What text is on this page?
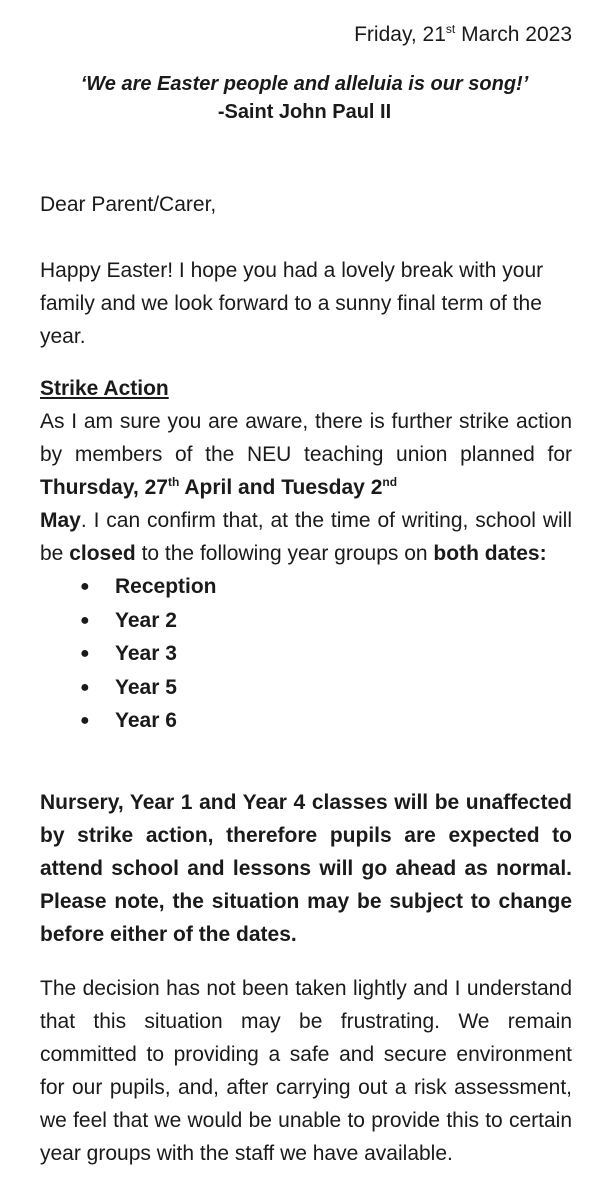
Friday, 21st March 2023

‘We are Easter people and alleluia is our song!’

-Saint John Paul II

Dear Parent/Carer,

Happy Easter! I hope you had a lovely break with your family and we look forward to a sunny final term of the year.

Strike Action

As I am sure you are aware, there is further strike action by members of the NEU teaching union planned for Thursday, 27th April and Tuesday 2nd
May. I can confirm that, at the time of writing, school will be closed to the following year groups on both dates:

● Reception
● Year 2
● Year 3
● Year 5
● Year 6

Nursery, Year 1 and Year 4 classes will be unaffected by strike action, therefore pupils are expected to attend school and lessons will go ahead as normal. Please note, the situation may be subject to change before either of the dates.

The decision has not been taken lightly and I understand that this situation may be frustrating. We remain committed to providing a safe and secure environment for our pupils, and, after carrying out a risk assessment, we feel that we would be unable to provide this to certain year groups with the staff we have available.
